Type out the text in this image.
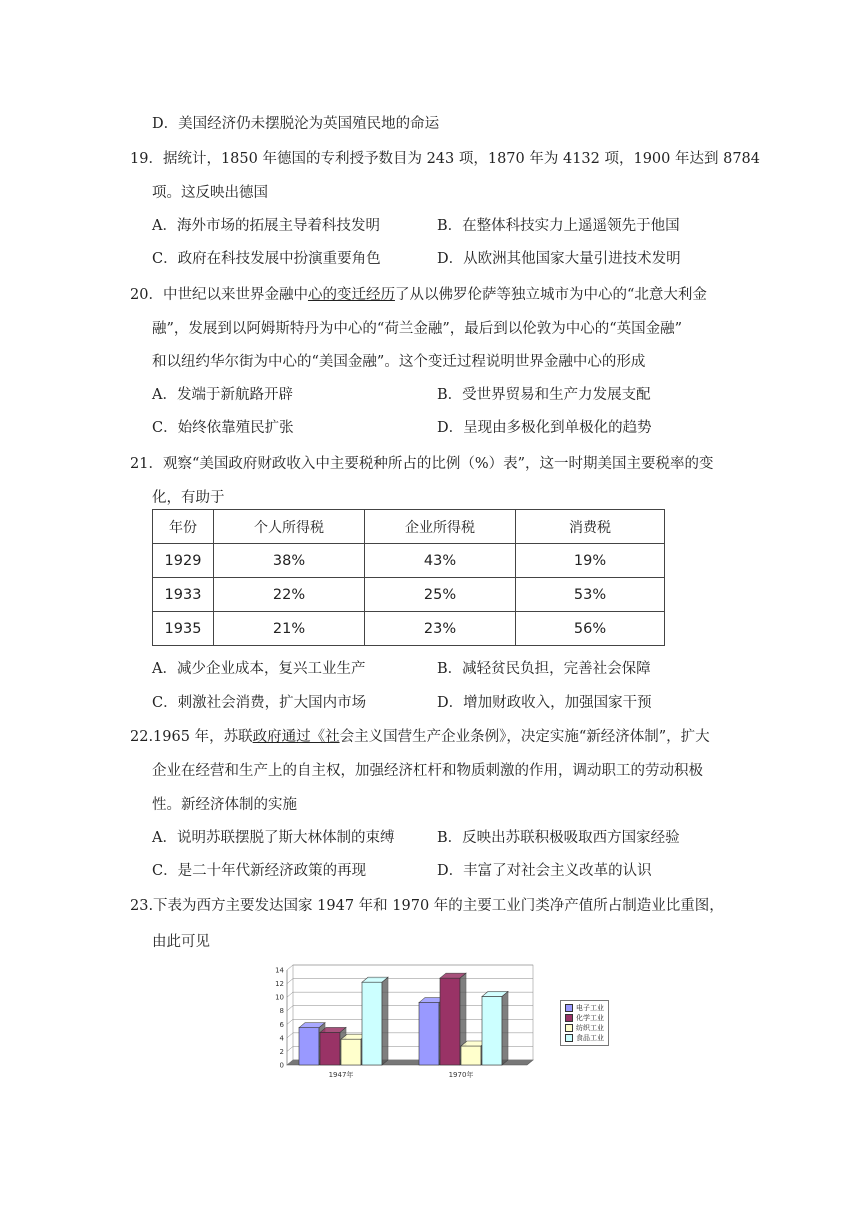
D．美国经济仍未摆脱沦为英国殖民地的命运
19．据统计，1850 年德国的专利授予数目为 243 项，1870 年为 4132 项，1900 年达到 8784
项。这反映出德国
A．海外市场的拓展主导着科技发明	B．在整体科技实力上遥遥领先于他国
C．政府在科技发展中扮演重要角色	D．从欧洲其他国家大量引进技术发明
20．中世纪以来世界金融中心的变迁经历了从以佛罗伦萨等独立城市为中心的“北意大利金
融”，发展到以阿姆斯特丹为中心的“荷兰金融”，最后到以伦敦为中心的“英国金融”
和以纽约华尔街为中心的“美国金融”。这个变迁过程说明世界金融中心的形成
A．发端于新航路开辟	B．受世界贸易和生产力发展支配
C．始终依靠殖民扩张	D．呈现由多极化到单极化的趋势
21．观察“美国政府财政收入中主要税种所占的比例（%）表”，这一时期美国主要税率的变
化，有助于
年份	个人所得税	企业所得税	消费税
1929	38%	43%	19%
1933	22%	25%	53%
1935	21%	23%	56%
A．减少企业成本，复兴工业生产	B．减轻贫民负担，完善社会保障
C．刺激社会消费，扩大国内市场	D．增加财政收入，加强国家干预
22.1965 年，苏联政府通过《社会主义国营生产企业条例》，决定实施“新经济体制”，扩大
企业在经营和生产上的自主权，加强经济杠杆和物质刺激的作用，调动职工的劳动积极
性。新经济体制的实施
A．说明苏联摆脱了斯大林体制的束缚	B．反映出苏联积极吸取西方国家经验
C．是二十年代新经济政策的再现	D．丰富了对社会主义改革的认识
23.下表为西方主要发达国家 1947 年和 1970 年的主要工业门类净产值所占制造业比重图，
由此可见
0
2
4
6
8
10
12
14
1947年	1970年
电子工业
化学工业
纺织工业
食品工业
